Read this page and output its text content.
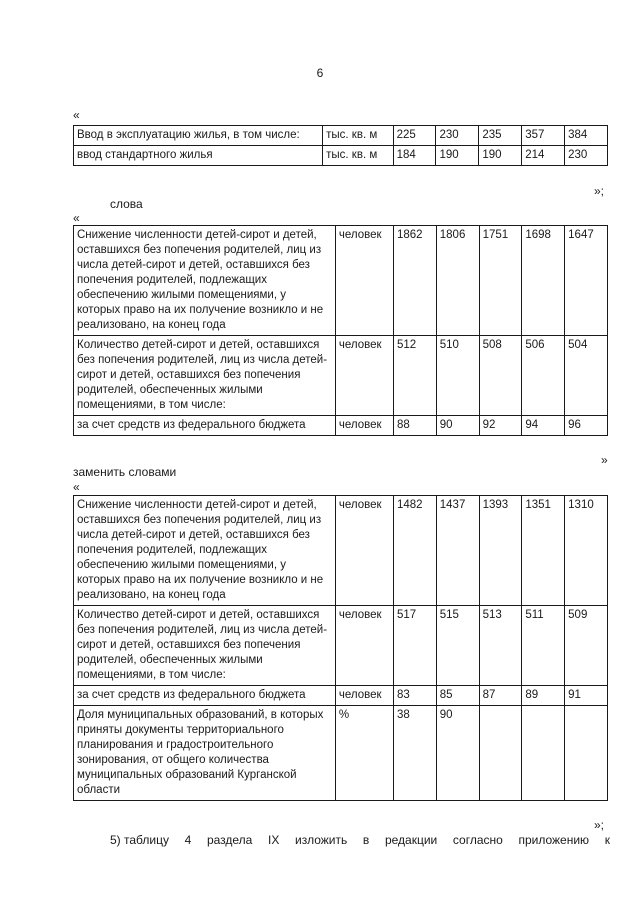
6
«
Ввод в эксплуатацию жилья, в том числе:	тыс. кв. м	225	230	235	357	384
ввод стандартного жилья	тыс. кв. м	184	190	190	214	230
»;
слова
«
Снижение численности детей-сирот и детей, оставшихся без попечения родителей, лиц из числа детей-сирот и детей, оставшихся без попечения родителей, подлежащих обеспечению жилыми помещениями, у которых право на их получение возникло и не реализовано, на конец года	человек	1862	1806	1751	1698	1647
Количество детей-сирот и детей, оставшихся без попечения родителей, лиц из числа детей-сирот и детей, оставшихся без попечения родителей, обеспеченных жилыми помещениями, в том числе:	человек	512	510	508	506	504
за счет средств из федерального бюджета	человек	88	90	92	94	96
»
заменить словами
«
Снижение численности детей-сирот и детей, оставшихся без попечения родителей, лиц из числа детей-сирот и детей, оставшихся без попечения родителей, подлежащих обеспечению жилыми помещениями, у которых право на их получение возникло и не реализовано, на конец года	человек	1482	1437	1393	1351	1310
Количество детей-сирот и детей, оставшихся без попечения родителей, лиц из числа детей-сирот и детей, оставшихся без попечения родителей, обеспеченных жилыми помещениями, в том числе:	человек	517	515	513	511	509
за счет средств из федерального бюджета	человек	83	85	87	89	91
Доля муниципальных образований, в которых приняты документы территориального планирования и градостроительного зонирования, от общего количества муниципальных образований Курганской области	%	38	90			
»;
5) таблицу 4 раздела IX изложить в редакции согласно приложению к
